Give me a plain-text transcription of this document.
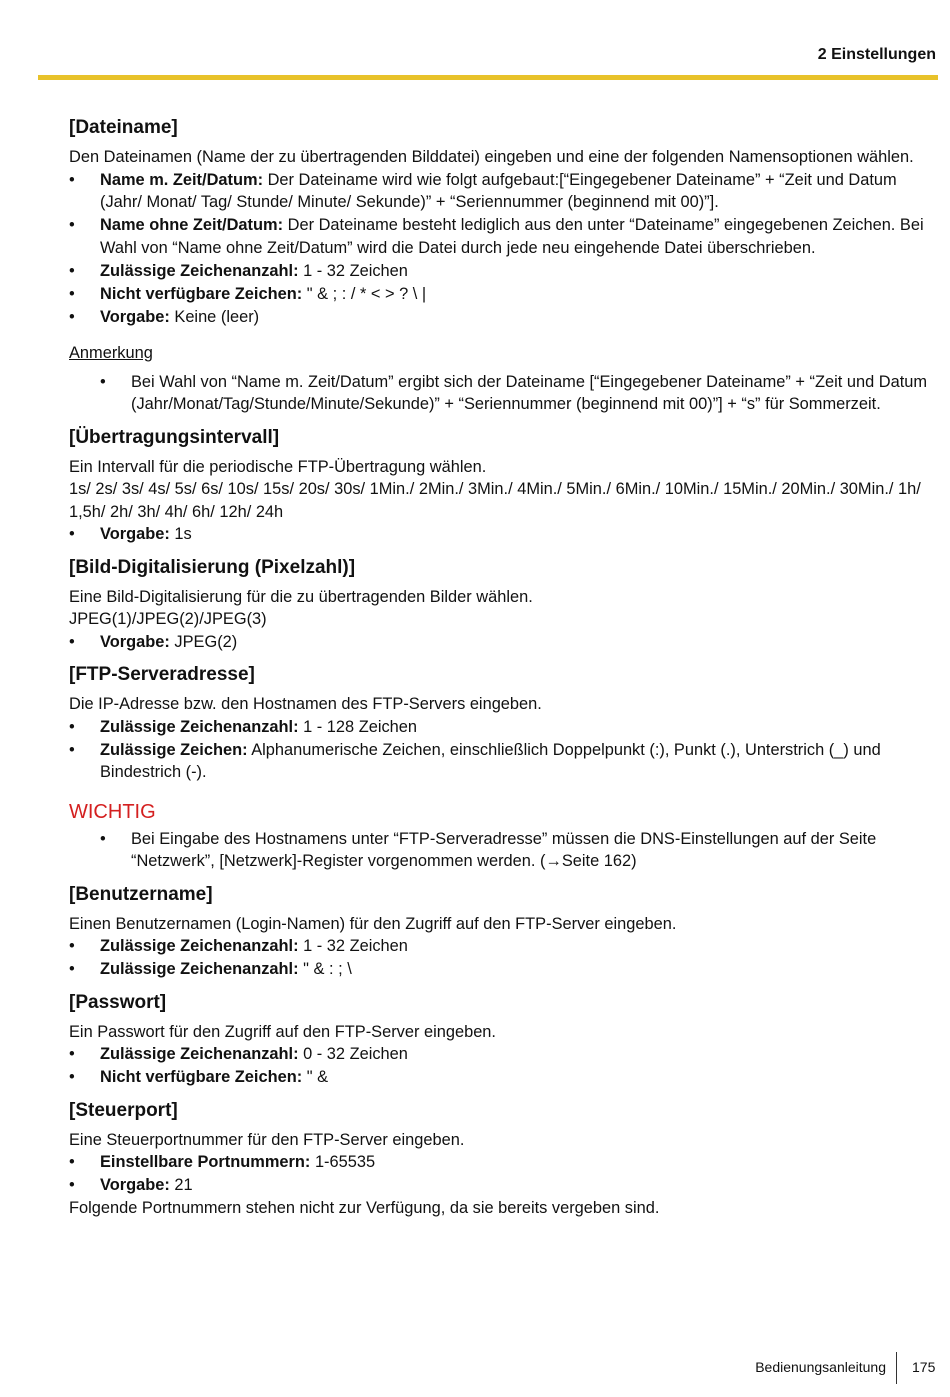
2 Einstellungen
[Dateiname]

Den Dateinamen (Name der zu übertragenden Bilddatei) eingeben und eine der folgenden Namensoptionen wählen.

• Name m. Zeit/Datum: Der Dateiname wird wie folgt aufgebaut:[“Eingegebener Dateiname” + “Zeit und Datum (Jahr/ Monat/ Tag/ Stunde/ Minute/ Sekunde)” + “Seriennummer (beginnend mit 00)”].
• Name ohne Zeit/Datum: Der Dateiname besteht lediglich aus den unter “Dateiname” eingegebenen Zeichen. Bei Wahl von “Name ohne Zeit/Datum” wird die Datei durch jede neu eingehende Datei überschrieben.
• Zulässige Zeichenanzahl: 1 - 32 Zeichen
• Nicht verfügbare Zeichen: " & ; : / * < > ? \ |
• Vorgabe: Keine (leer)
Anmerkung
• Bei Wahl von “Name m. Zeit/Datum” ergibt sich der Dateiname [“Eingegebener Dateiname” + “Zeit und Datum (Jahr/Monat/Tag/Stunde/Minute/Sekunde)” + “Seriennummer (beginnend mit 00)”] + “s” für Sommerzeit.
[Übertragungsintervall]

Ein Intervall für die periodische FTP-Übertragung wählen.

1s/ 2s/ 3s/ 4s/ 5s/ 6s/ 10s/ 15s/ 20s/ 30s/ 1Min./ 2Min./ 3Min./ 4Min./ 5Min./ 6Min./ 10Min./ 15Min./ 20Min./ 30Min./ 1h/ 1,5h/ 2h/ 3h/ 4h/ 6h/ 12h/ 24h

• Vorgabe: 1s
[Bild-Digitalisierung (Pixelzahl)]

Eine Bild-Digitalisierung für die zu übertragenden Bilder wählen.

JPEG(1)/JPEG(2)/JPEG(3)

• Vorgabe: JPEG(2)
[FTP-Serveradresse]

Die IP-Adresse bzw. den Hostnamen des FTP-Servers eingeben.

• Zulässige Zeichenanzahl: 1 - 128 Zeichen
• Zulässige Zeichen: Alphanumerische Zeichen, einschließlich Doppelpunkt (:), Punkt (.), Unterstrich (_) und Bindestrich (-).
WICHTIG
• Bei Eingabe des Hostnamens unter “FTP-Serveradresse” müssen die DNS-Einstellungen auf der Seite “Netzwerk”, [Netzwerk]-Register vorgenommen werden. (→Seite 162)
[Benutzername]

Einen Benutzernamen (Login-Namen) für den Zugriff auf den FTP-Server eingeben.

• Zulässige Zeichenanzahl: 1 - 32 Zeichen
• Zulässige Zeichenanzahl: " & : ; \
[Passwort]

Ein Passwort für den Zugriff auf den FTP-Server eingeben.

• Zulässige Zeichenanzahl: 0 - 32 Zeichen
• Nicht verfügbare Zeichen: " &
[Steuerport]

Eine Steuerportnummer für den FTP-Server eingeben.

• Einstellbare Portnummern: 1-65535
• Vorgabe: 21

Folgende Portnummern stehen nicht zur Verfügung, da sie bereits vergeben sind.

Bedienungsanleitung 175
